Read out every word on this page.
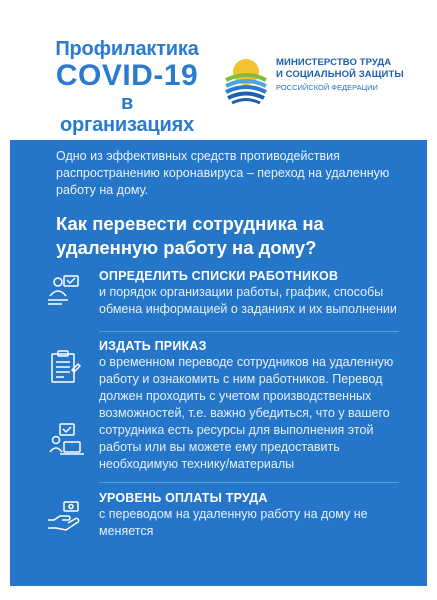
Профилактика
COVID-19
в организациях
МИНИСТЕРСТВО ТРУДА
И СОЦИАЛЬНОЙ ЗАЩИТЫ
РОССИЙСКОЙ ФЕДЕРАЦИИ
Одно из эффективных средств противодействия распространению коронавируса – переход на удаленную работу на дому.
Как перевести сотрудника на удаленную работу на дому?
ОПРЕДЕЛИТЬ СПИСКИ РАБОТНИКОВ
и порядок организации работы, график, способы обмена информацией о заданиях и их выполнении
ИЗДАТЬ ПРИКАЗ
о временном переводе сотрудников на удаленную работу и ознакомить с ним работников. Перевод должен проходить с учетом производственных возможностей, т.е. важно убедиться, что у вашего сотрудника есть ресурсы для выполнения этой работы или вы можете ему предоставить необходимую технику/материалы
УРОВЕНЬ ОПЛАТЫ ТРУДА
с переводом на удаленную работу на дому не меняется
